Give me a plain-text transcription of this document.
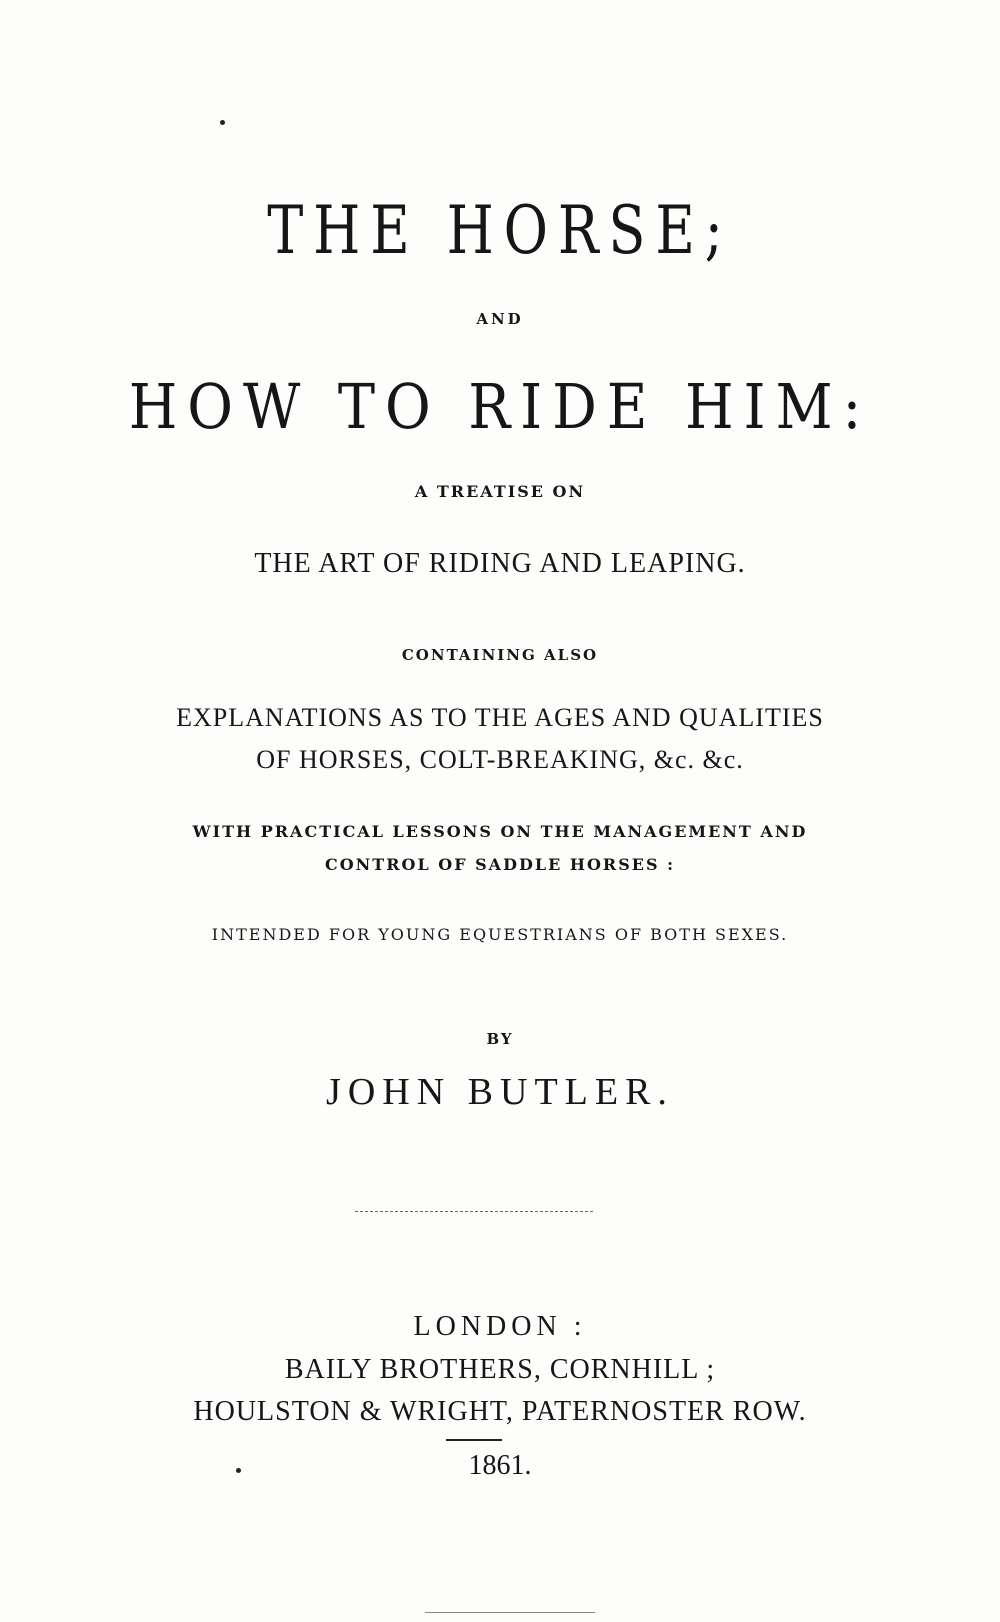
THE HORSE;
AND
HOW TO RIDE HIM:
A TREATISE ON
THE ART OF RIDING AND LEAPING.
CONTAINING ALSO
EXPLANATIONS AS TO THE AGES AND QUALITIES
OF HORSES, COLT-BREAKING, &c. &c.
WITH PRACTICAL LESSONS ON THE MANAGEMENT AND
CONTROL OF SADDLE HORSES :
INTENDED FOR YOUNG EQUESTRIANS OF BOTH SEXES.
BY
JOHN BUTLER.
LONDON :
BAILY BROTHERS, CORNHILL ;
HOULSTON & WRIGHT, PATERNOSTER ROW.
1861.
